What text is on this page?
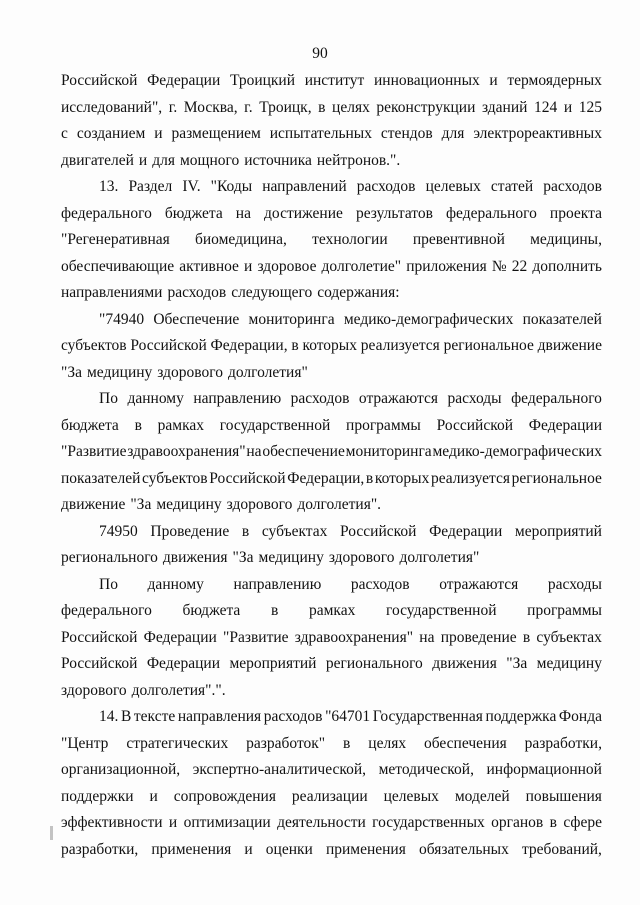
90
Российской Федерации Троицкий институт инновационных и термоядерных
исследований", г. Москва, г. Троицк, в целях реконструкции зданий 124 и 125
с созданием и размещением испытательных стендов для электрореактивных
двигателей и для мощного источника нейтронов.".
13. Раздел IV. "Коды направлений расходов целевых статей расходов
федерального бюджета на достижение результатов федерального проекта
"Регенеративная биомедицина, технологии превентивной медицины,
обеспечивающие активное и здоровое долголетие" приложения № 22 дополнить
направлениями расходов следующего содержания:
"74940 Обеспечение мониторинга медико-демографических показателей
субъектов Российской Федерации, в которых реализуется региональное движение
"За медицину здорового долголетия"
По данному направлению расходов отражаются расходы федерального
бюджета в рамках государственной программы Российской Федерации
"Развитие здравоохранения" на обеспечение мониторинга медико-демографических
показателей субъектов Российской Федерации, в которых реализуется региональное
движение "За медицину здорового долголетия".
74950 Проведение в субъектах Российской Федерации мероприятий
регионального движения "За медицину здорового долголетия"
По данному направлению расходов отражаются расходы
федерального бюджета в рамках государственной программы
Российской Федерации "Развитие здравоохранения" на проведение в субъектах
Российской Федерации мероприятий регионального движения "За медицину
здорового долголетия".".
14. В тексте направления расходов "64701 Государственная поддержка Фонда
"Центр стратегических разработок" в целях обеспечения разработки,
организационной, экспертно-аналитической, методической, информационной
поддержки и сопровождения реализации целевых моделей повышения
эффективности и оптимизации деятельности государственных органов в сфере
разработки, применения и оценки применения обязательных требований,
